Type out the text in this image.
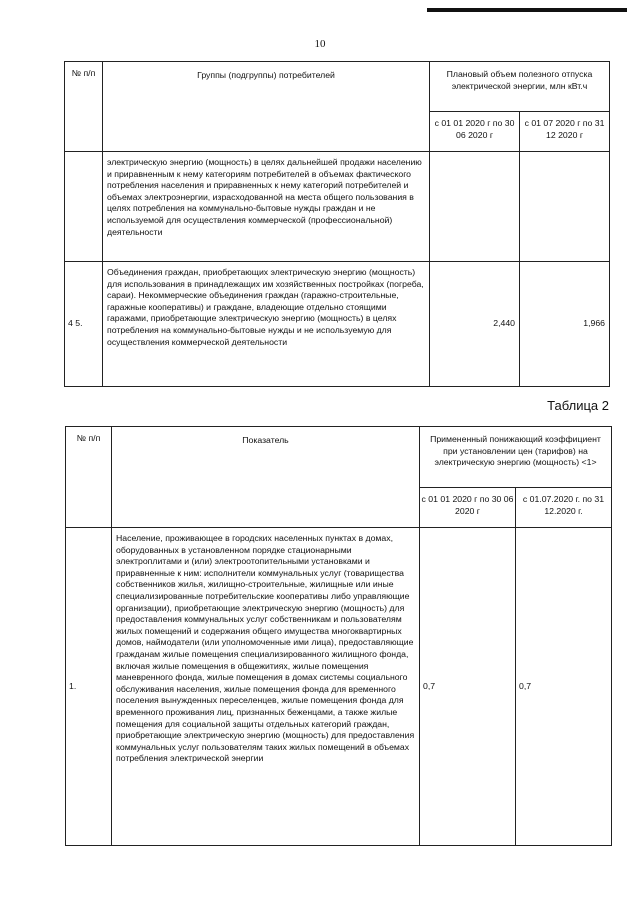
10
№ п/п	Группы (подгруппы) потребителей	Плановый объем полезного отпуска электрической энергии, млн кВт.ч	
		с 01 01 2020 г по 30 06 2020 г	с 01 07 2020 г по 31 12 2020 г
	электрическую энергию (мощность) в целях дальнейшей продажи населению и приравненным к нему категориям потребителей в объемах фактического потребления населения и приравненных к нему категорий потребителей и объемах электроэнергии, израсходованной на места общего пользования в целях потребления на коммунально-бытовые нужды граждан и не используемой для осуществления коммерческой (профессиональной) деятельности		
4 5.	Объединения граждан, приобретающих электрическую энергию (мощность) для использования в принадлежащих им хозяйственных постройках (погреба, сараи). Некоммерческие объединения граждан (гаражно-строительные, гаражные кооперативы) и граждане, владеющие отдельно стоящими гаражами, приобретающие электрическую энергию (мощность) в целях потребления на коммунально-бытовые нужды и не используемую для осуществления коммерческой деятельности	2,440	1,966
Таблица 2
№ п/п	Показатель	Примененный понижающий коэффициент при установлении цен (тарифов) на электрическую энергию (мощность) <1>	
		с 01 01 2020 г по 30 06 2020 г	с 01.07.2020 г. по 31 12.2020 г.
1.	Население, проживающее в городских населенных пунктах в домах, оборудованных в установленном порядке стационарными электроплитами и (или) электроотопительными установками и приравненные к ним: исполнители коммунальных услуг (товарищества собственников жилья, жилищно-строительные, жилищные или иные специализированные потребительские кооперативы либо управляющие организации), приобретающие электрическую энергию (мощность) для предоставления коммунальных услуг собственникам и пользователям жилых помещений и содержания общего имущества многоквартирных домов, наймодатели (или уполномоченные ими лица), предоставляющие гражданам жилые помещения специализированного жилищного фонда, включая жилые помещения в общежитиях, жилые помещения маневренного фонда, жилые помещения в домах системы социального обслуживания населения, жилые помещения фонда для временного поселения вынужденных переселенцев, жилые помещения фонда для временного проживания лиц, признанных беженцами, а также жилые помещения для социальной защиты отдельных категорий граждан, приобретающие электрическую энергию (мощность) для предоставления коммунальных услуг пользователям таких жилых помещений в объемах потребления электрической энергии	0,7	0,7
